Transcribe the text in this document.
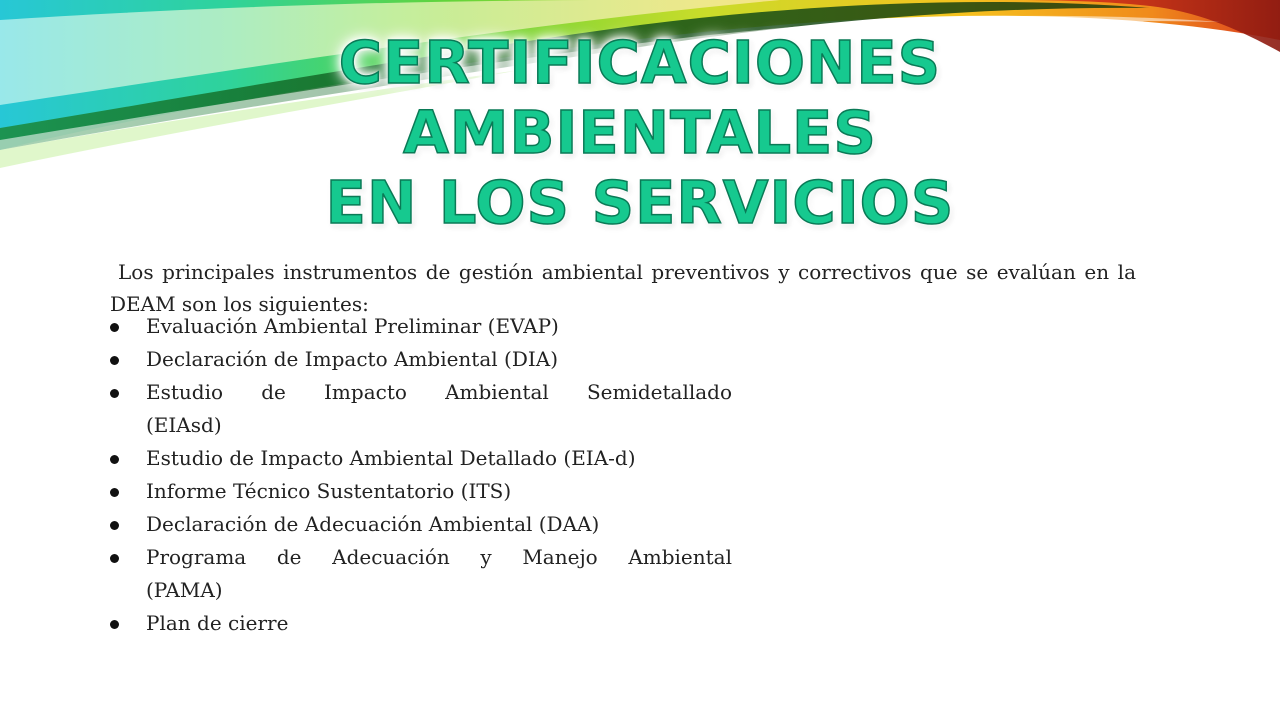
CERTIFICACIONES AMBIENTALES
EN LOS SERVICIOS

Los principales instrumentos de gestión ambiental preventivos y correctivos que se evalúan en la DEAM son los siguientes:

Evaluación Ambiental Preliminar (EVAP)
Declaración de Impacto Ambiental (DIA)
Estudio de Impacto Ambiental Semidetallado
(EIAsd)
Estudio de Impacto Ambiental Detallado (EIA-d)
Informe Técnico Sustentatorio (ITS)
Declaración de Adecuación Ambiental (DAA)
Programa de Adecuación y Manejo Ambiental
(PAMA)
Plan de cierre
